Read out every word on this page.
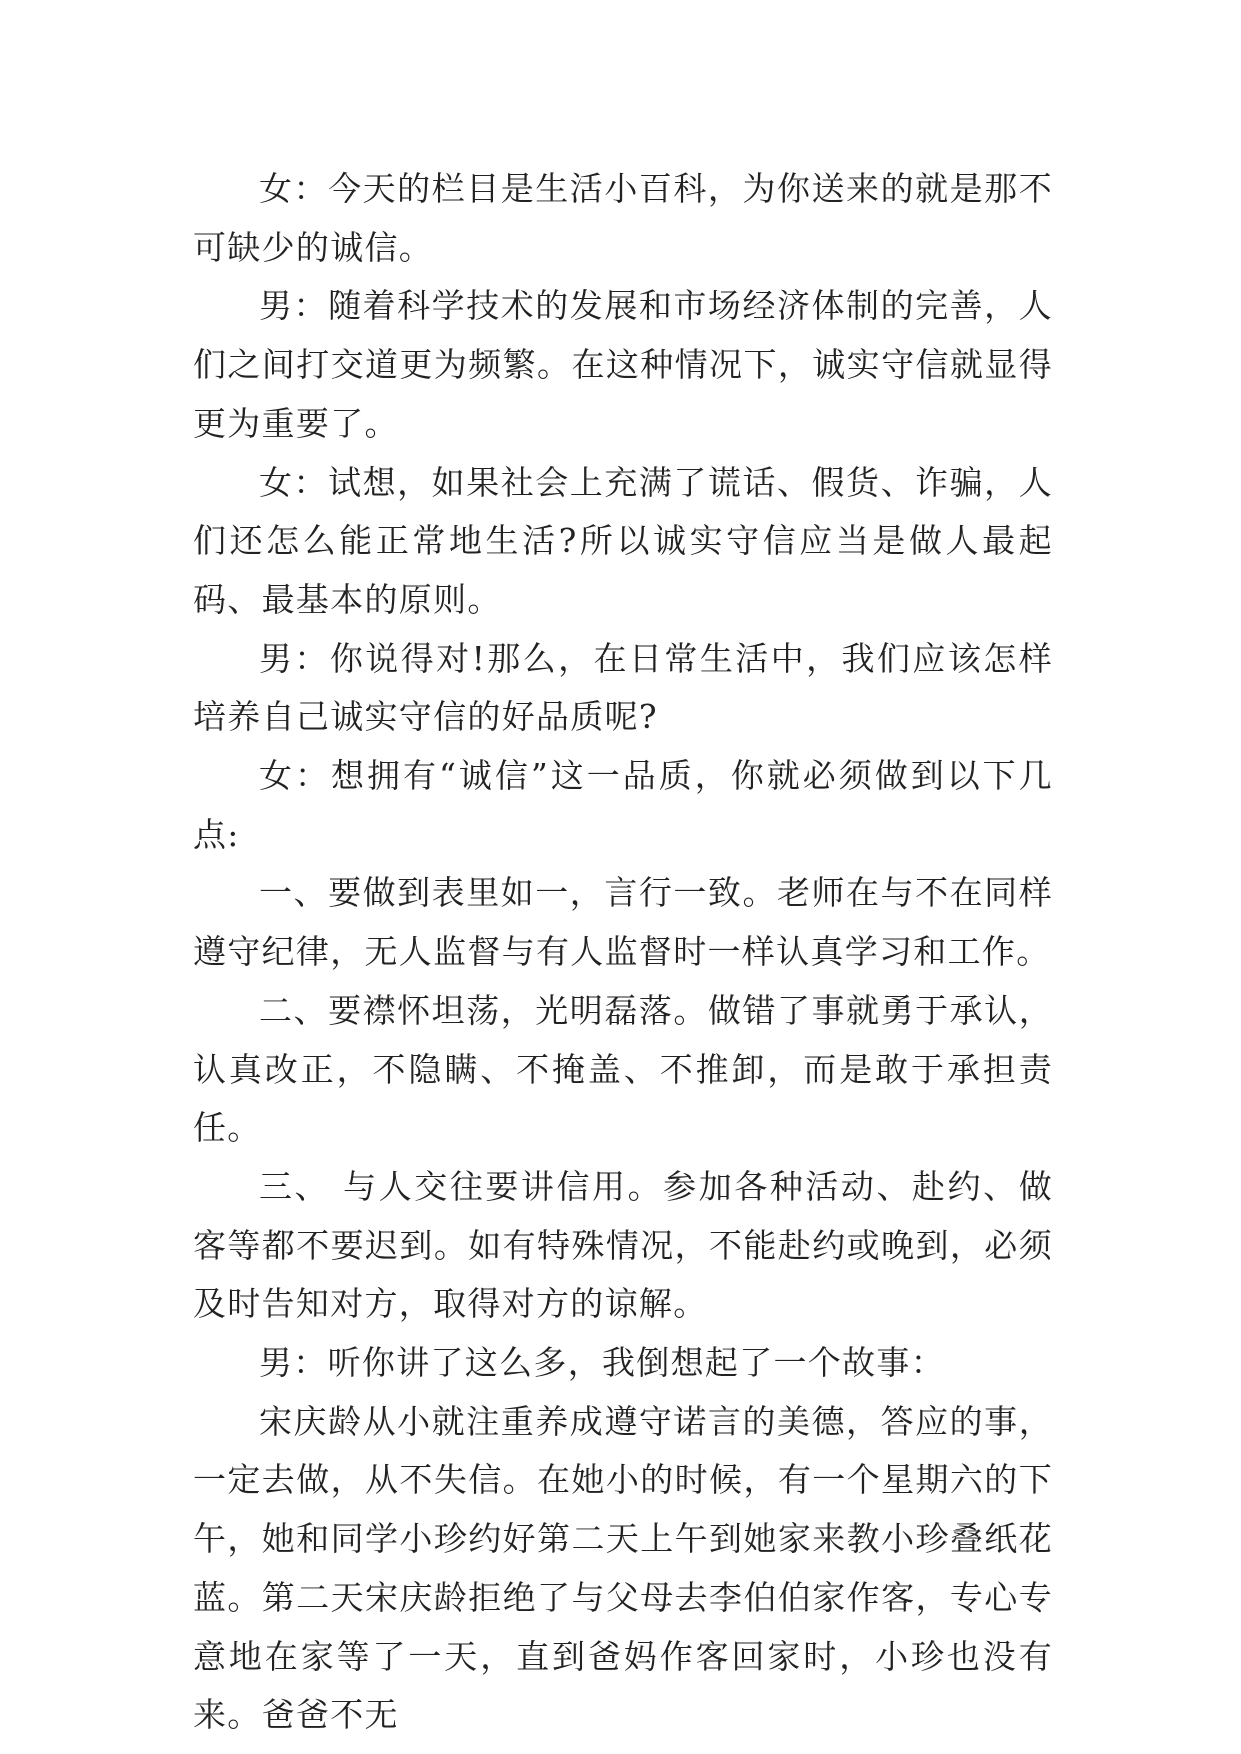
女：今天的栏目是生活小百科，为你送来的就是那不可缺少的诚信。

男：随着科学技术的发展和市场经济体制的完善，人们之间打交道更为频繁。在这种情况下，诚实守信就显得更为重要了。

女：试想，如果社会上充满了谎话、假货、诈骗，人们还怎么能正常地生活?所以诚实守信应当是做人最起码、最基本的原则。

男：你说得对!那么，在日常生活中，我们应该怎样培养自己诚实守信的好品质呢?

女：想拥有“诚信”这一品质，你就必须做到以下几点:

一、要做到表里如一，言行一致。老师在与不在同样遵守纪律，无人监督与有人监督时一样认真学习和工作。

二、要襟怀坦荡，光明磊落。做错了事就勇于承认，认真改正，不隐瞒、不掩盖、不推卸，而是敢于承担责任。

三、 与人交往要讲信用。参加各种活动、赴约、做客等都不要迟到。如有特殊情况，不能赴约或晚到，必须及时告知对方，取得对方的谅解。

男：听你讲了这么多，我倒想起了一个故事：

宋庆龄从小就注重养成遵守诺言的美德，答应的事，一定去做，从不失信。在她小的时候，有一个星期六的下午，她和同学小珍约好第二天上午到她家来教小珍叠纸花蓝。第二天宋庆龄拒绝了与父母去李伯伯家作客，专心专意地在家等了一天，直到爸妈作客回家时，小珍也没有来。爸爸不无
